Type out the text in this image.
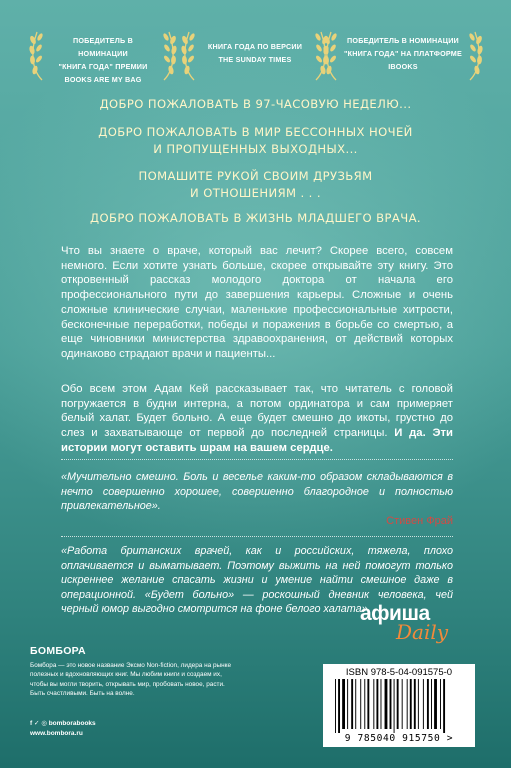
ПОБЕДИТЕЛЬ В НОМИНАЦИИ
"КНИГА ГОДА" ПРЕМИИ
BOOKS ARE MY BAG
КНИГА ГОДА ПО ВЕРСИИ
THE SUNDAY TIMES
ПОБЕДИТЕЛЬ В НОМИНАЦИИ
"КНИГА ГОДА" НА ПЛАТФОРМЕ
IBOOKS
ДОБРО ПОЖАЛОВАТЬ В 97-ЧАСОВУЮ НЕДЕЛЮ...
ДОБРО ПОЖАЛОВАТЬ В МИР БЕССОННЫХ НОЧЕЙ
И ПРОПУЩЕННЫХ ВЫХОДНЫХ...
ПОМАШИТЕ РУКОЙ СВОИМ ДРУЗЬЯМ
И ОТНОШЕНИЯМ . . .
ДОБРО ПОЖАЛОВАТЬ В ЖИЗНЬ МЛАДШЕГО ВРАЧА.
Что вы знаете о враче, который вас лечит? Скорее всего, совсем немного. Если хотите узнать больше, скорее открывайте эту книгу. Это откровенный рассказ молодого доктора от начала его профессионального пути до завершения карьеры. Сложные и очень сложные клинические случаи, маленькие профессиональные хитрости, бесконечные переработки, победы и поражения в борьбе со смертью, а еще чиновники министерства здравоохранения, от действий которых одинаково страдают врачи и пациенты...
Обо всем этом Адам Кей рассказывает так, что читатель с головой погружается в будни интерна, а потом ординатора и сам примеряет белый халат. Будет больно. А еще будет смешно до икоты, грустно до слез и захватывающе от первой до последней страницы. И да. Эти истории могут оставить шрам на вашем сердце.
«Мучительно смешно. Боль и веселье каким-то образом складываются в нечто совершенно хорошее, совершенно благородное и полностью привлекательное».
Стивен Фрай
«Работа британских врачей, как и российских, тяжела, плохо оплачивается и выматывает. Поэтому выжить на ней помогут только искреннее желание спасать жизни и умение найти смешное даже в операционной. «Будет больно» — роскошный дневник человека, чей черный юмор выгодно смотрится на фоне белого халата».
афиша
Daily
БОМБОРА
Бомбора — это новое название Эксмо Non-fiction, лидера на рынке полезных и вдохновляющих книг. Мы любим книги и создаем их, чтобы вы могли творить, открывать мир, пробовать новое, расти. Быть счастливыми. Быть на волне.
f ✓ ◎ bomborabooks
www.bombora.ru
ISBN 978-5-04-091575-0
9 785040 915750 >
